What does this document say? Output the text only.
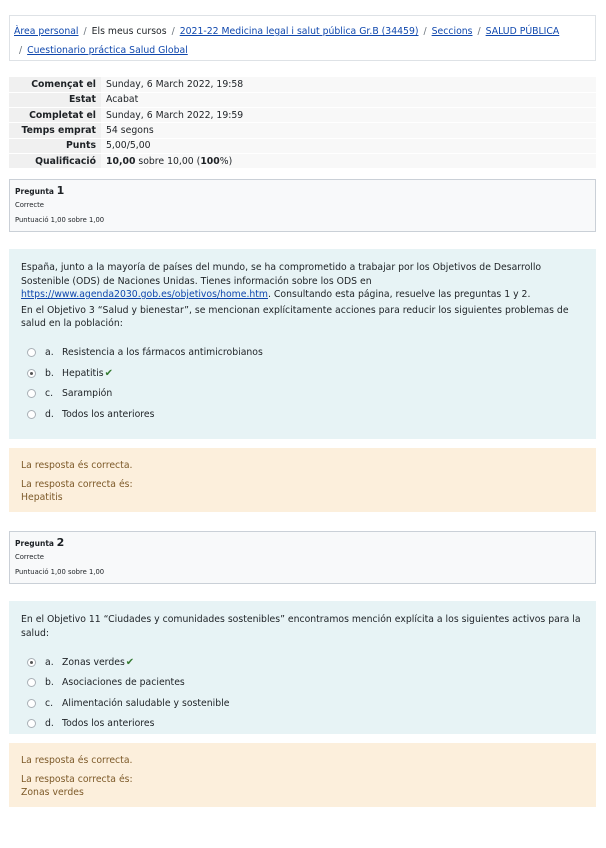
Àrea personal / Els meus cursos / 2021-22 Medicina legal i salut pública Gr.B (34459) / Seccions / SALUD PÚBLICA
/ Cuestionario práctica Salud Global
Començat el	Sunday, 6 March 2022, 19:58
Estat	Acabat
Completat el	Sunday, 6 March 2022, 19:59
Temps emprat	54 segons
Punts	5,00/5,00
Qualificació	10,00 sobre 10,00 (100%)
Pregunta 1
Correcte
Puntuació 1,00 sobre 1,00

España, junto a la mayoría de países del mundo, se ha comprometido a trabajar por los Objetivos de Desarrollo Sostenible (ODS) de Naciones Unidas. Tienes información sobre los ODS en https://www.agenda2030.gob.es/objetivos/home.htm. Consultando esta página, resuelve las preguntas 1 y 2.

En el Objetivo 3 “Salud y bienestar”, se mencionan explícitamente acciones para reducir los siguientes problemas de salud en la población:

a. Resistencia a los fármacos antimicrobianos
b. Hepatitis ✔
c. Sarampión
d. Todos los anteriores
La resposta és correcta.
La resposta correcta és:
Hepatitis
Pregunta 2
Correcte
Puntuació 1,00 sobre 1,00

En el Objetivo 11 “Ciudades y comunidades sostenibles” encontramos mención explícita a los siguientes activos para la salud:

a. Zonas verdes ✔
b. Asociaciones de pacientes
c. Alimentación saludable y sostenible
d. Todos los anteriores
La resposta és correcta.
La resposta correcta és:
Zonas verdes
